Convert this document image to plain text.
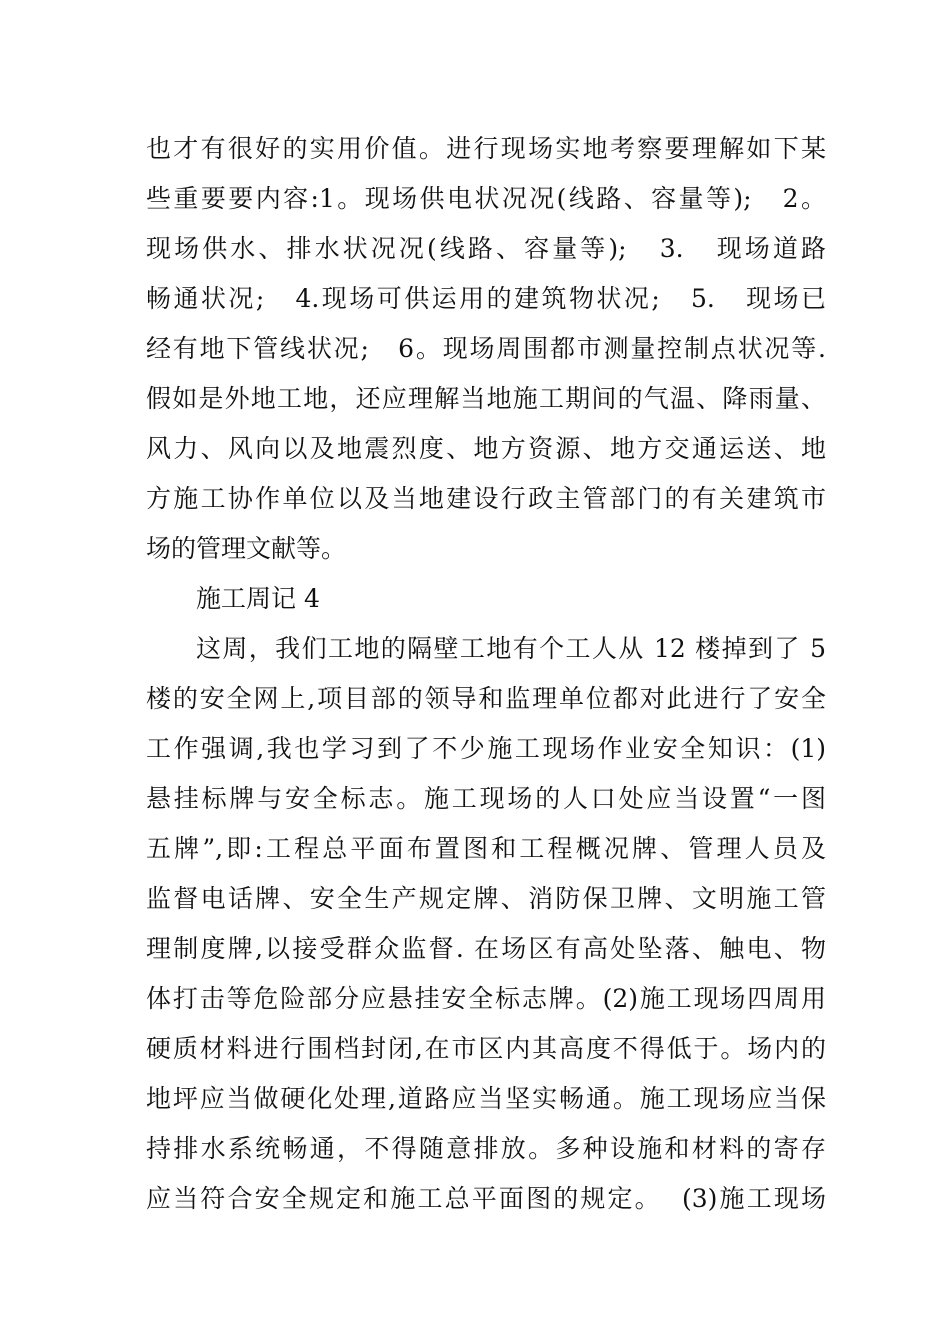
也才有很好的实用价值。进行现场实地考察要理解如下某
些重要要内容:1。现场供电状况况(线路、容量等);   2。
现场供水、排水状况况(线路、容量等);   3.   现场道路
畅通状况;   4.现场可供运用的建筑物状况;   5.   现场已
经有地下管线状况;   6。现场周围都市测量控制点状况等.
假如是外地工地，还应理解当地施工期间的气温、降雨量、
风力、风向以及地震烈度、地方资源、地方交通运送、地
方施工协作单位以及当地建设行政主管部门的有关建筑市
场的管理文献等。
施工周记 4
这周，我们工地的隔壁工地有个工人从 12 楼掉到了 5
楼的安全网上,项目部的领导和监理单位都对此进行了安全
工作强调,我也学习到了不少施工现场作业安全知识：(1)
悬挂标牌与安全标志。施工现场的人口处应当设置“一图
五牌”,即:工程总平面布置图和工程概况牌、管理人员及
监督电话牌、安全生产规定牌、消防保卫牌、文明施工管
理制度牌,以接受群众监督. 在场区有高处坠落、触电、物
体打击等危险部分应悬挂安全标志牌。(2)施工现场四周用
硬质材料进行围档封闭,在市区内其高度不得低于。场内的
地坪应当做硬化处理,道路应当坚实畅通。施工现场应当保
持排水系统畅通，不得随意排放。多种设施和材料的寄存
应当符合安全规定和施工总平面图的规定。  (3)施工现场
